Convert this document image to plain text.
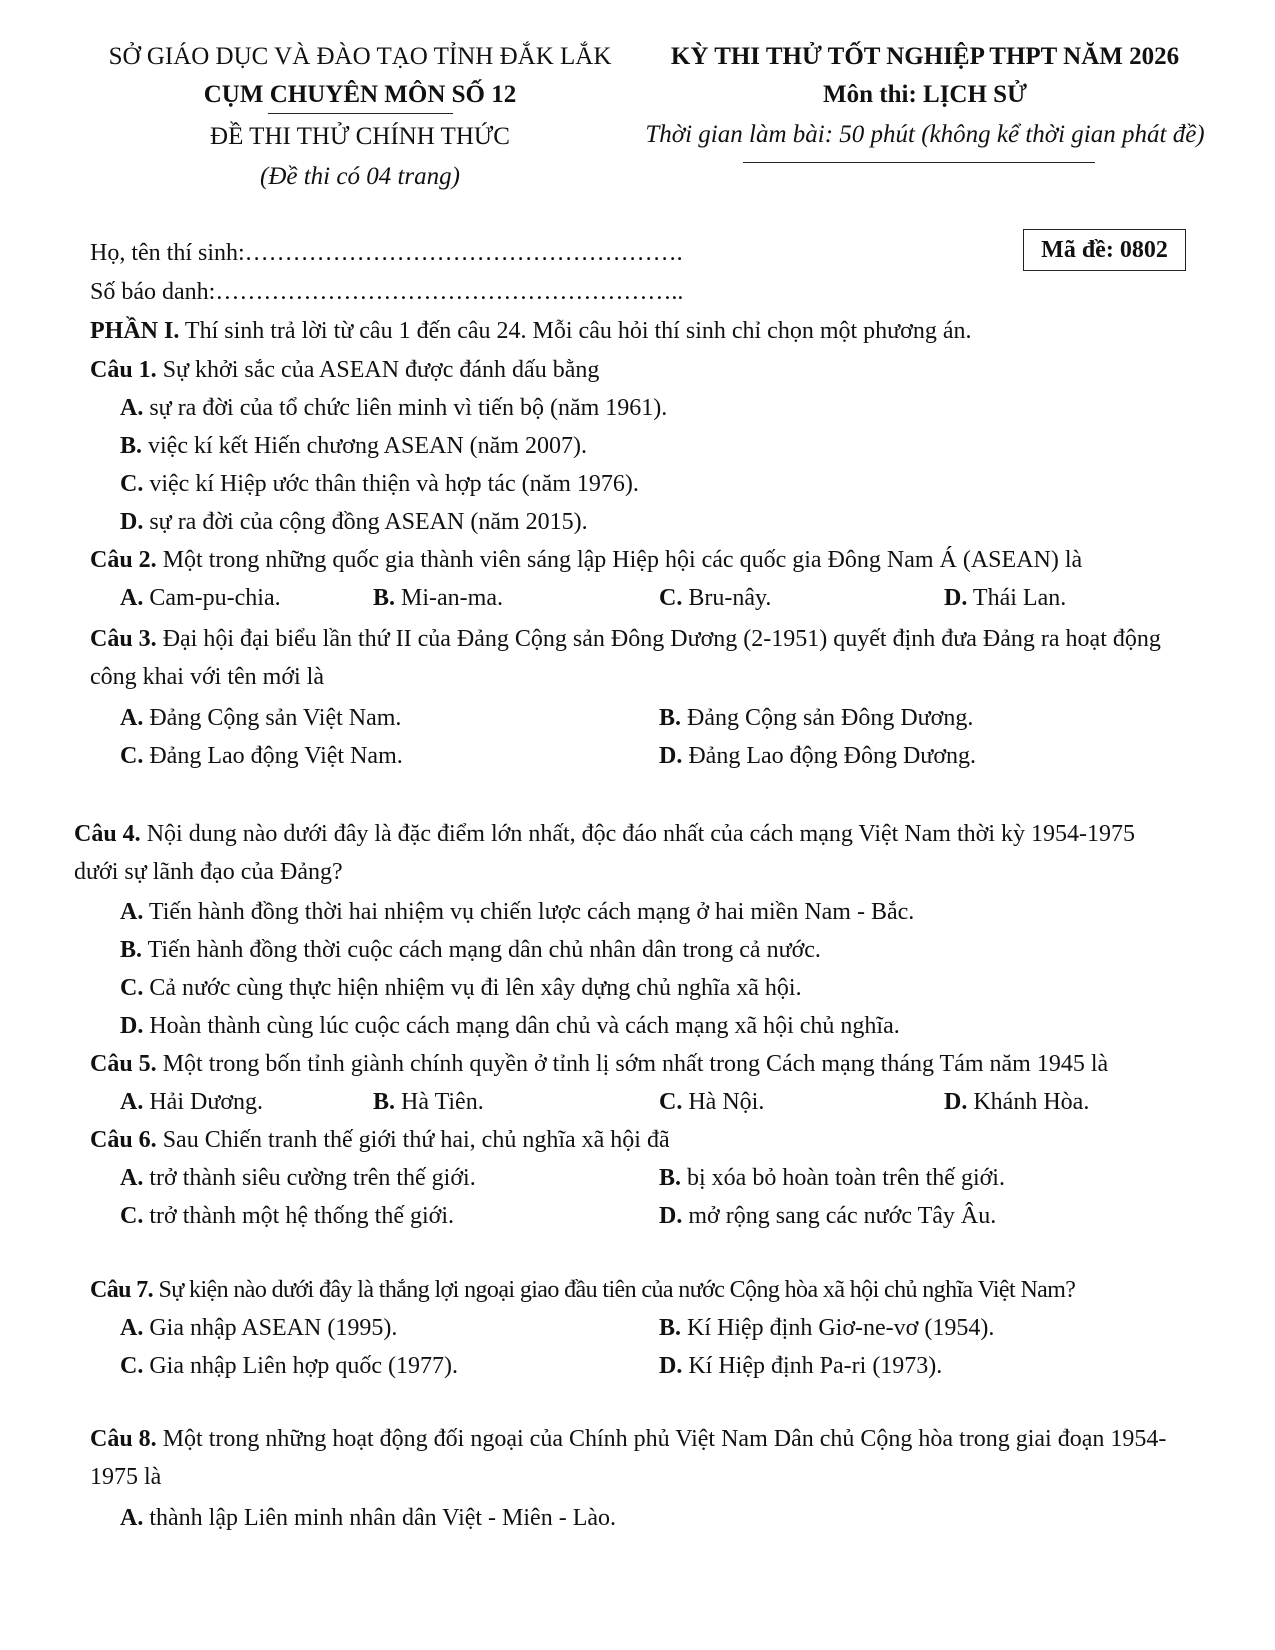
SỞ GIÁO DỤC VÀ ĐÀO TẠO TỈNH ĐẮK LẮK
CỤM CHUYÊN MÔN SỐ 12
ĐỀ THI THỬ CHÍNH THỨC
(Đề thi có 04 trang)
KỲ THI THỬ TỐT NGHIỆP THPT NĂM 2026
Môn thi: LỊCH SỬ
Thời gian làm bài: 50 phút (không kể thời gian phát đề)
Họ, tên thí sinh:……………………………………………….
Số báo danh:…………………………………………………..
Mã đề: 0802
PHẦN I. Thí sinh trả lời từ câu 1 đến câu 24. Mỗi câu hỏi thí sinh chỉ chọn một phương án.
Câu 1. Sự khởi sắc của ASEAN được đánh dấu bằng
A. sự ra đời của tổ chức liên minh vì tiến bộ (năm 1961).
B. việc kí kết Hiến chương ASEAN (năm 2007).
C. việc kí Hiệp ước thân thiện và hợp tác (năm 1976).
D. sự ra đời của cộng đồng ASEAN (năm 2015).
Câu 2. Một trong những quốc gia thành viên sáng lập Hiệp hội các quốc gia Đông Nam Á (ASEAN) là
A. Cam-pu-chia.	B. Mi-an-ma.	C. Bru-nây.	D. Thái Lan.
Câu 3. Đại hội đại biểu lần thứ II của Đảng Cộng sản Đông Dương (2-1951) quyết định đưa Đảng ra hoạt động công khai với tên mới là
A. Đảng Cộng sản Việt Nam.	B. Đảng Cộng sản Đông Dương.
C. Đảng Lao động Việt Nam.	D. Đảng Lao động Đông Dương.
Câu 4. Nội dung nào dưới đây là đặc điểm lớn nhất, độc đáo nhất của cách mạng Việt Nam thời kỳ 1954-1975 dưới sự lãnh đạo của Đảng?
A. Tiến hành đồng thời hai nhiệm vụ chiến lược cách mạng ở hai miền Nam - Bắc.
B. Tiến hành đồng thời cuộc cách mạng dân chủ nhân dân trong cả nước.
C. Cả nước cùng thực hiện nhiệm vụ đi lên xây dựng chủ nghĩa xã hội.
D. Hoàn thành cùng lúc cuộc cách mạng dân chủ và cách mạng xã hội chủ nghĩa.
Câu 5. Một trong bốn tỉnh giành chính quyền ở tỉnh lị sớm nhất trong Cách mạng tháng Tám năm 1945 là
A. Hải Dương.	B. Hà Tiên.	C. Hà Nội.	D. Khánh Hòa.
Câu 6. Sau Chiến tranh thế giới thứ hai, chủ nghĩa xã hội đã
A. trở thành siêu cường trên thế giới.	B. bị xóa bỏ hoàn toàn trên thế giới.
C. trở thành một hệ thống thế giới.	D. mở rộng sang các nước Tây Âu.
Câu 7. Sự kiện nào dưới đây là thắng lợi ngoại giao đầu tiên của nước Cộng hòa xã hội chủ nghĩa Việt Nam?
A. Gia nhập ASEAN (1995).	B. Kí Hiệp định Giơ-ne-vơ (1954).
C. Gia nhập Liên hợp quốc (1977).	D. Kí Hiệp định Pa-ri (1973).
Câu 8. Một trong những hoạt động đối ngoại của Chính phủ Việt Nam Dân chủ Cộng hòa trong giai đoạn 1954-1975 là
A. thành lập Liên minh nhân dân Việt - Miên - Lào.
